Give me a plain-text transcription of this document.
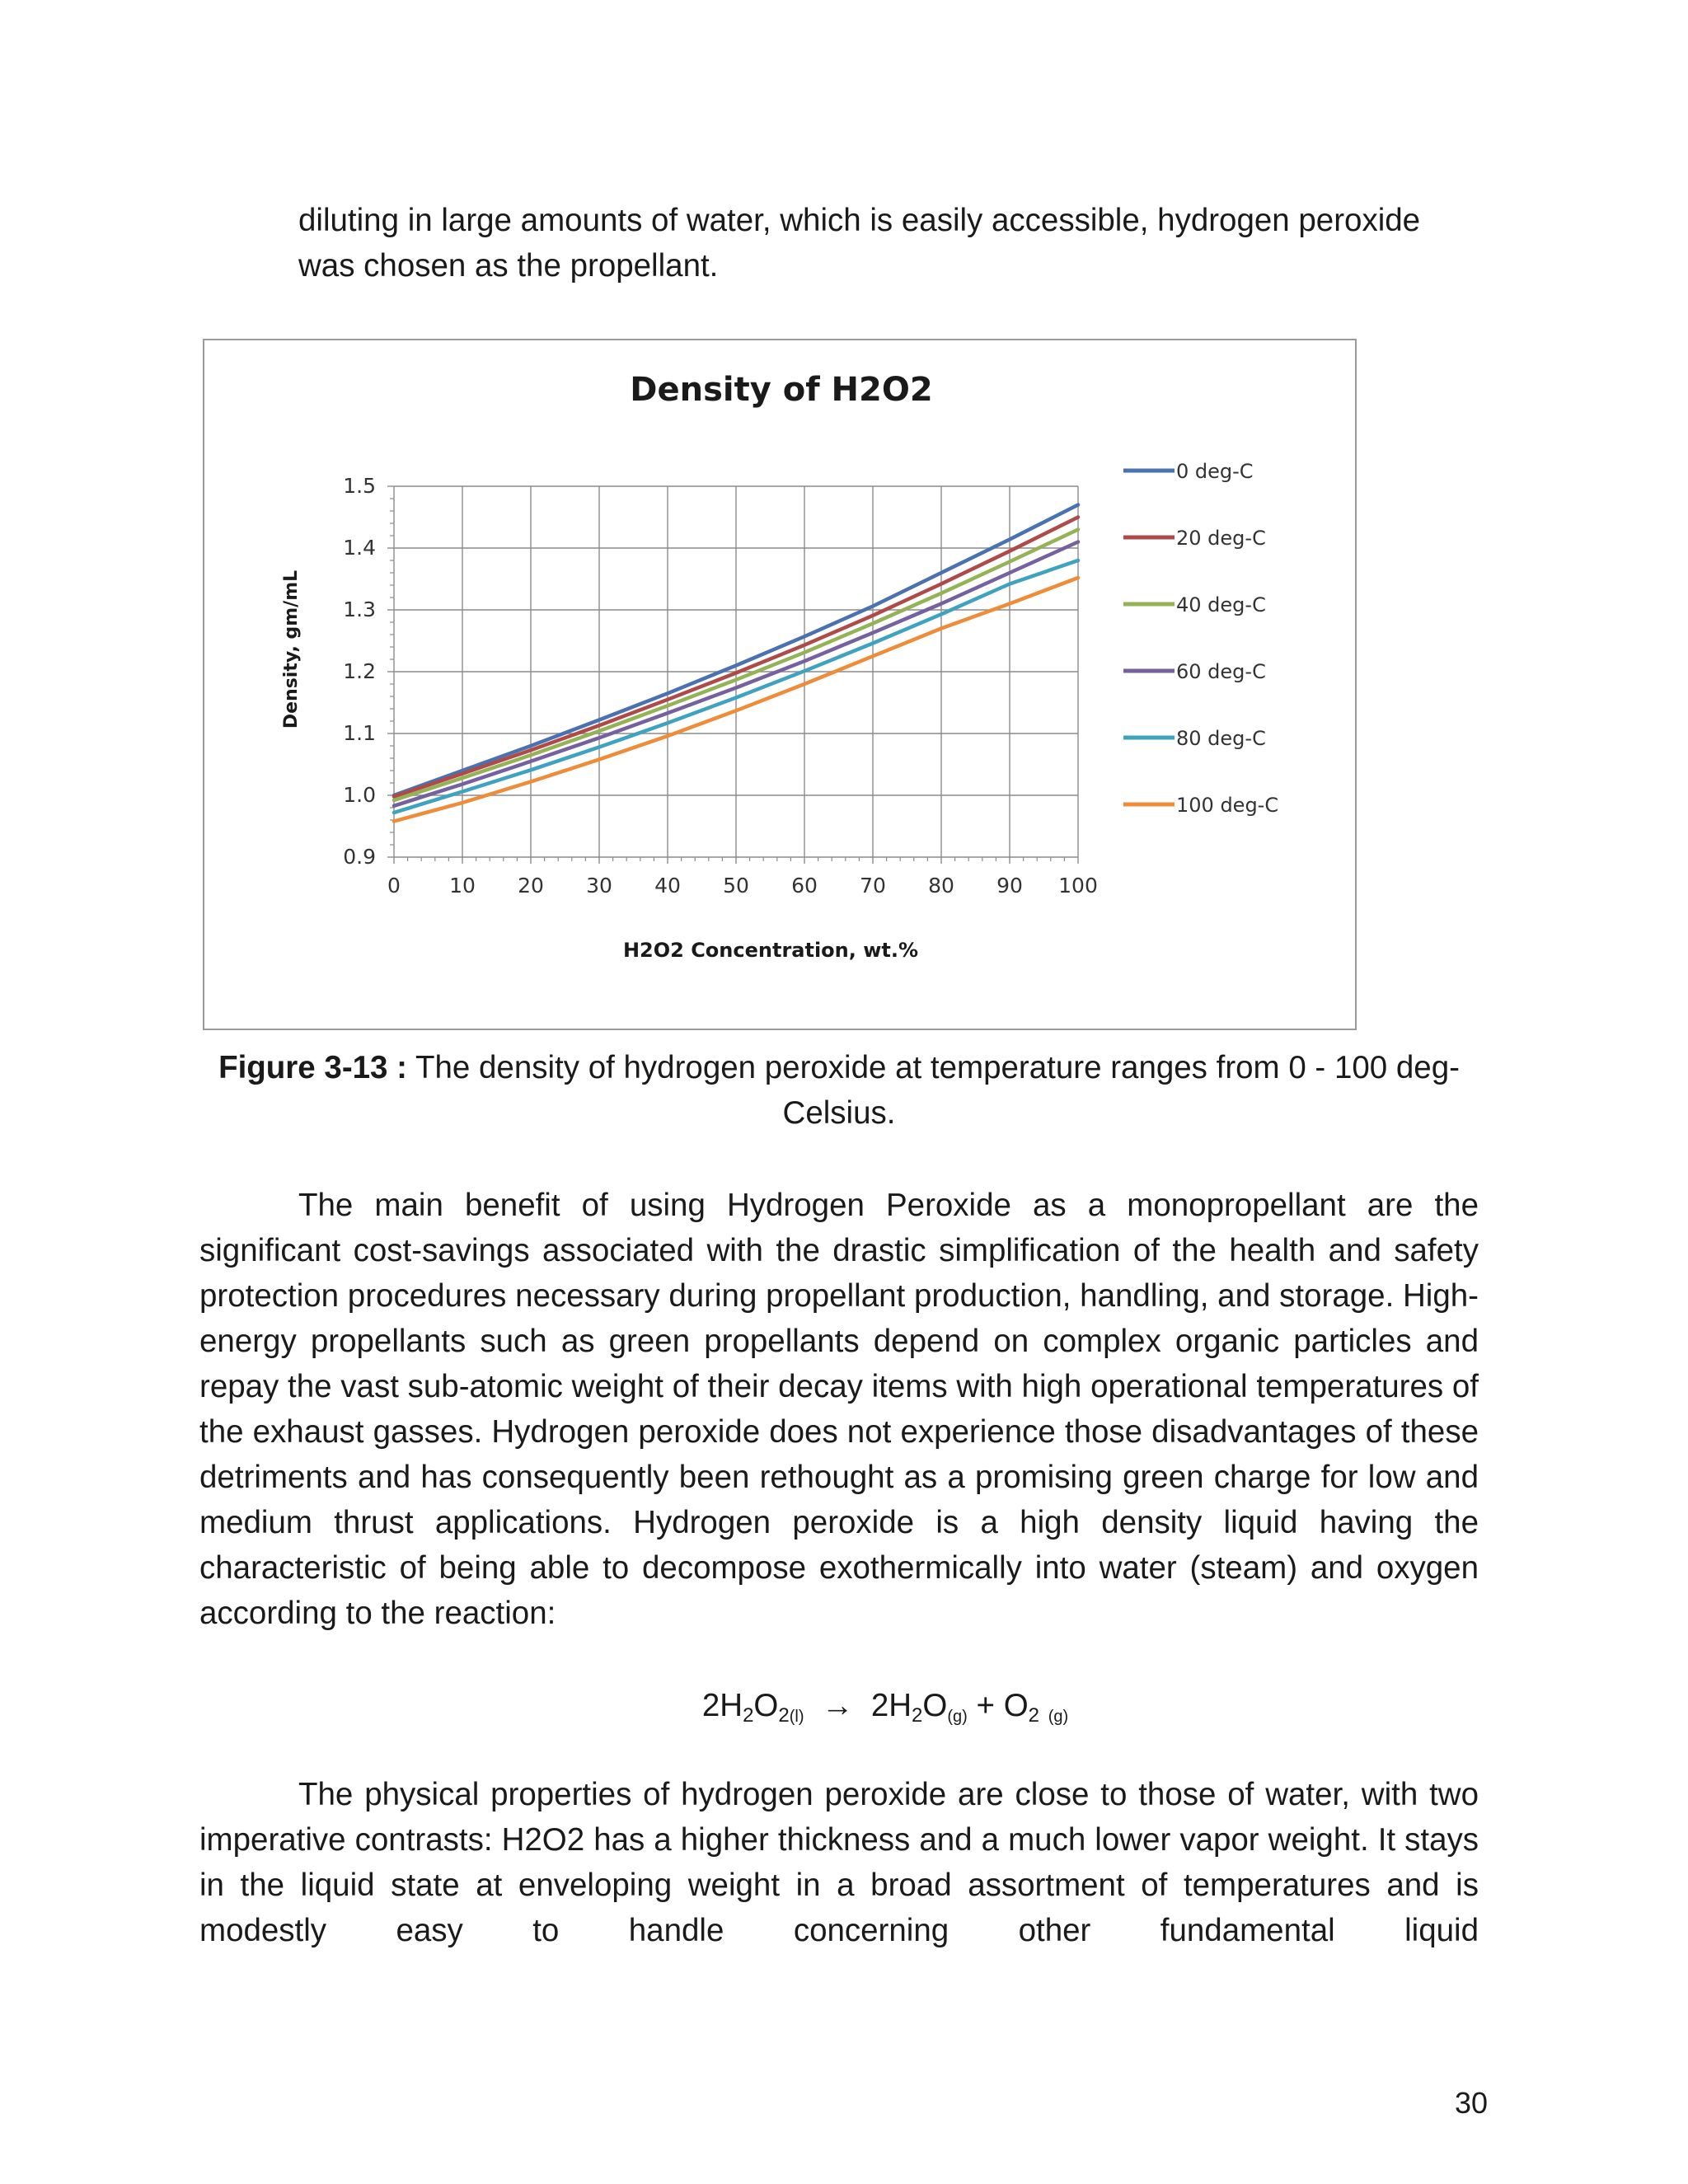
diluting in large amounts of water, which is easily accessible, hydrogen peroxide was chosen as the propellant.

Density of H2O2
0 10 20 30 40 50 60 70 80 90 100
0.9
1.0
1.1
1.2
1.3
1.4
1.5
0 deg-C
20 deg-C
40 deg-C
60 deg-C
80 deg-C
100 deg-C
H2O2 Concentration, wt.%
Density, gm/mL

Figure 3-13 : The density of hydrogen peroxide at temperature ranges from 0 - 100 deg-Celsius.

The main benefit of using Hydrogen Peroxide as a monopropellant are the significant cost-savings associated with the drastic simplification of the health and safety protection procedures necessary during propellant production, handling, and storage. High-energy propellants such as green propellants depend on complex organic particles and repay the vast sub-atomic weight of their decay items with high operational temperatures of the exhaust gasses. Hydrogen peroxide does not experience those disadvantages of these detriments and has consequently been rethought as a promising green charge for low and medium thrust applications. Hydrogen peroxide is a high density liquid having the characteristic of being able to decompose exothermically into water (steam) and oxygen according to the reaction:

$2H_2O_{2(l)} \to 2H_2O_{(g)} + O_2$ $_{(g)}$

The physical properties of hydrogen peroxide are close to those of water, with two imperative contrasts: H2O2 has a higher thickness and a much lower vapor weight. It stays in the liquid state at enveloping weight in a broad assortment of temperatures and is modestly easy to handle concerning other fundamental liquid

30
